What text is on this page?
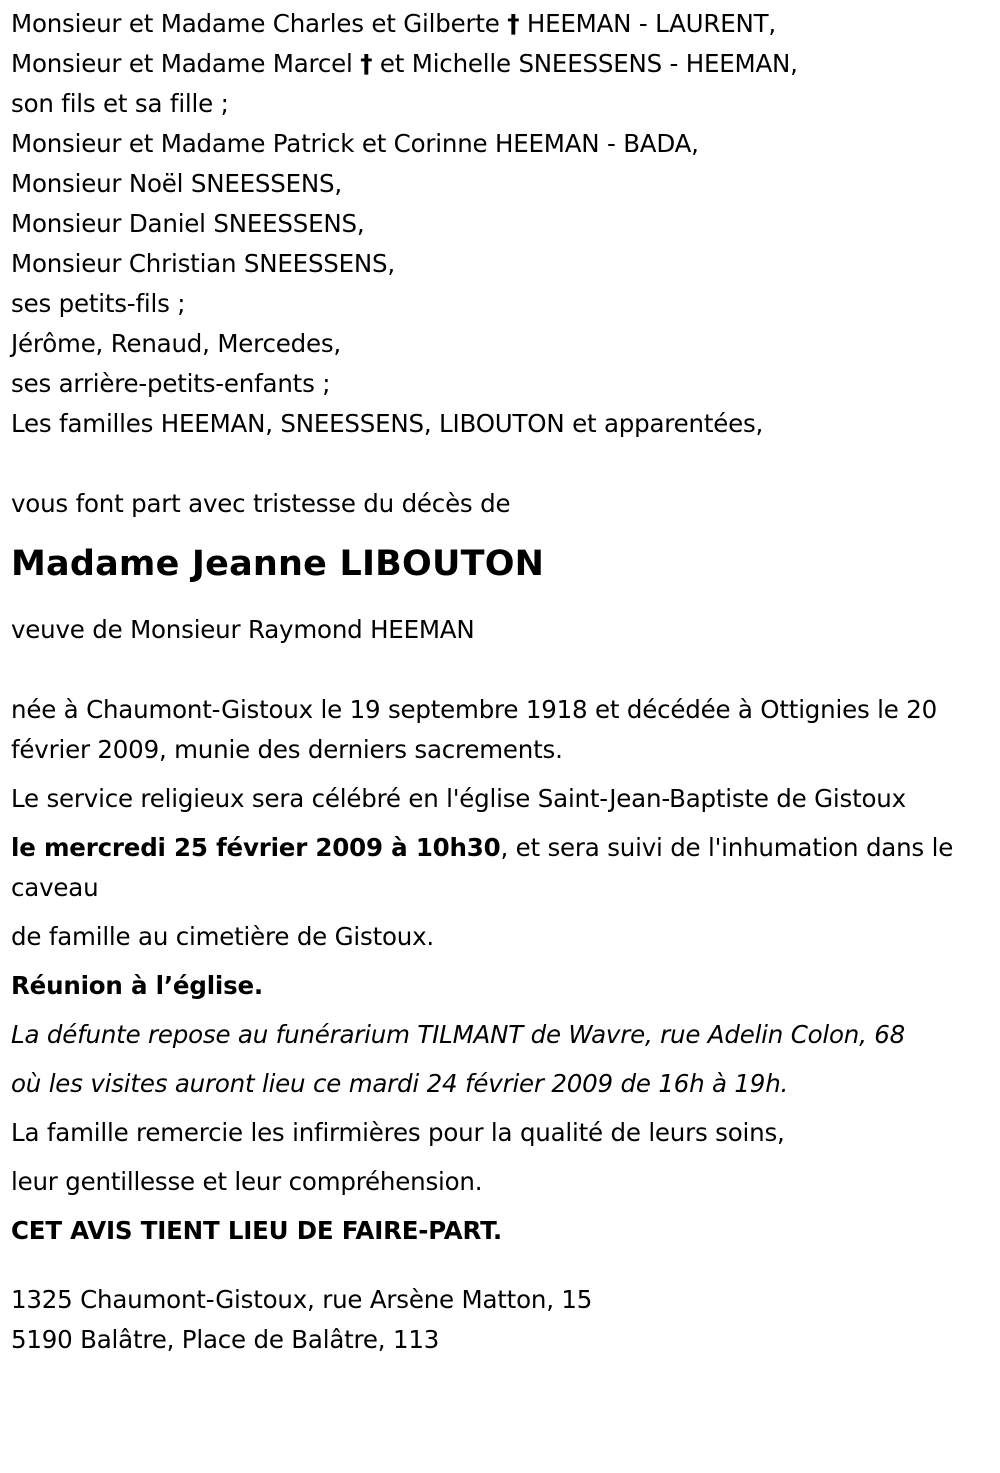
Monsieur et Madame Charles et Gilberte † HEEMAN - LAURENT,
Monsieur et Madame Marcel † et Michelle SNEESSENS - HEEMAN,
son fils et sa fille ;
Monsieur et Madame Patrick et Corinne HEEMAN - BADA,
Monsieur Noël SNEESSENS,
Monsieur Daniel SNEESSENS,
Monsieur Christian SNEESSENS,
ses petits-fils ;
Jérôme, Renaud, Mercedes,
ses arrière-petits-enfants ;
Les familles HEEMAN, SNEESSENS, LIBOUTON et apparentées,
vous font part avec tristesse du décès de
Madame Jeanne LIBOUTON
veuve de Monsieur Raymond HEEMAN
née à Chaumont-Gistoux le 19 septembre 1918 et décédée à Ottignies le 20 février 2009, munie des derniers sacrements.
Le service religieux sera célébré en l'église Saint-Jean-Baptiste de Gistoux
le mercredi 25 février 2009 à 10h30, et sera suivi de l'inhumation dans le caveau
de famille au cimetière de Gistoux.
Réunion à l’église.
La défunte repose au funérarium TILMANT de Wavre, rue Adelin Colon, 68
où les visites auront lieu ce mardi 24 février 2009 de 16h à 19h.
La famille remercie les infirmières pour la qualité de leurs soins,
leur gentillesse et leur compréhension.
CET AVIS TIENT LIEU DE FAIRE-PART.
1325 Chaumont-Gistoux, rue Arsène Matton, 15
5190 Balâtre, Place de Balâtre, 113
